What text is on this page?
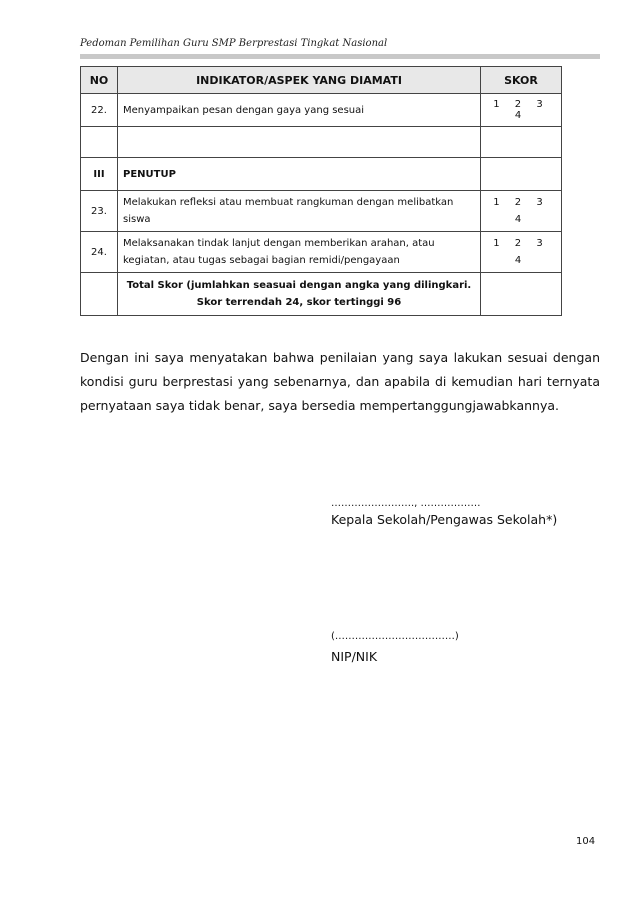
Pedoman Pemilihan Guru SMP Berprestasi Tingkat Nasional
NO	INDIKATOR/ASPEK YANG DIAMATI	SKOR
22.	Menyampaikan pesan dengan gaya yang sesuai	1 2 3 4

III	PENUTUP	
23.	Melakukan refleksi atau membuat rangkuman dengan melibatkan siswa	1 2 3 4
24.	Melaksanakan tindak lanjut dengan memberikan arahan, atau kegiatan, atau tugas sebagai bagian remidi/pengayaan	1 2 3 4
	Total Skor (jumlahkan seasuai dengan angka yang dilingkari. Skor terrendah 24, skor tertinggi 96	
Dengan ini saya menyatakan bahwa penilaian yang saya lakukan sesuai dengan kondisi guru berprestasi yang sebenarnya, dan apabila di kemudian hari ternyata pernyataan saya tidak benar, saya bersedia mempertanggungjawabkannya.
……………………., ………………
Kepala Sekolah/Pengawas Sekolah*)
(………………………………)
NIP/NIK
104
